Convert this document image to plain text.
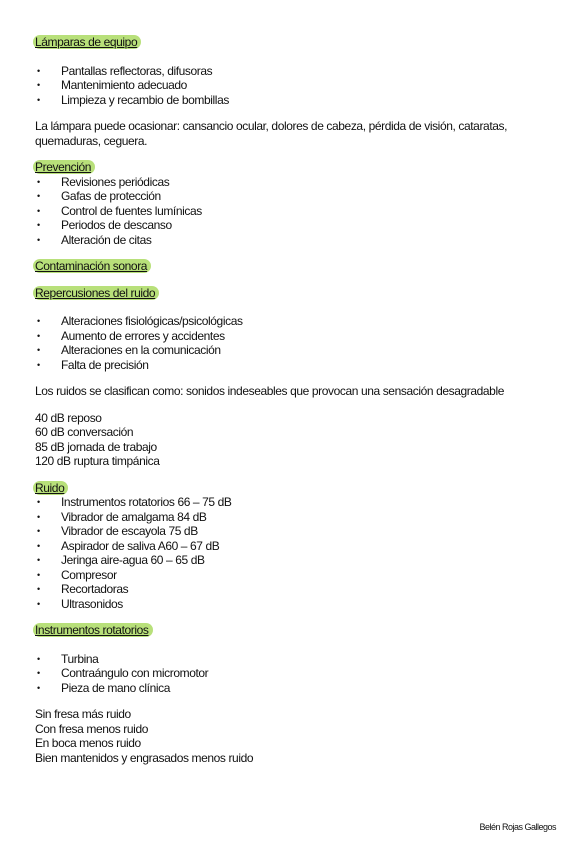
Lámparas de equipo
• Pantallas reflectoras, difusoras
• Mantenimiento adecuado
• Limpieza y recambio de bombillas

La lámpara puede ocasionar: cansancio ocular, dolores de cabeza, pérdida de visión, cataratas, quemaduras, ceguera.

Prevención
• Revisiones periódicas
• Gafas de protección
• Control de fuentes lumínicas
• Periodos de descanso
• Alteración de citas
Contaminación sonora
Repercusiones del ruido
• Alteraciones fisiológicas/psicológicas
• Aumento de errores y accidentes
• Alteraciones en la comunicación
• Falta de precisión

Los ruidos se clasifican como: sonidos indeseables que provocan una sensación desagradable

40 dB reposo
60 dB conversación
85 dB jornada de trabajo
120 dB ruptura timpánica
Ruido
• Instrumentos rotatorios 66 – 75 dB
• Vibrador de amalgama 84 dB
• Vibrador de escayola 75 dB
• Aspirador de saliva A60 – 67 dB
• Jeringa aire-agua 60 – 65 dB
• Compresor
• Recortadoras
• Ultrasonidos
Instrumentos rotatorios
• Turbina
• Contraángulo con micromotor
• Pieza de mano clínica
Sin fresa más ruido
Con fresa menos ruido
En boca menos ruido
Bien mantenidos y engrasados menos ruido
Belén Rojas Gallegos
